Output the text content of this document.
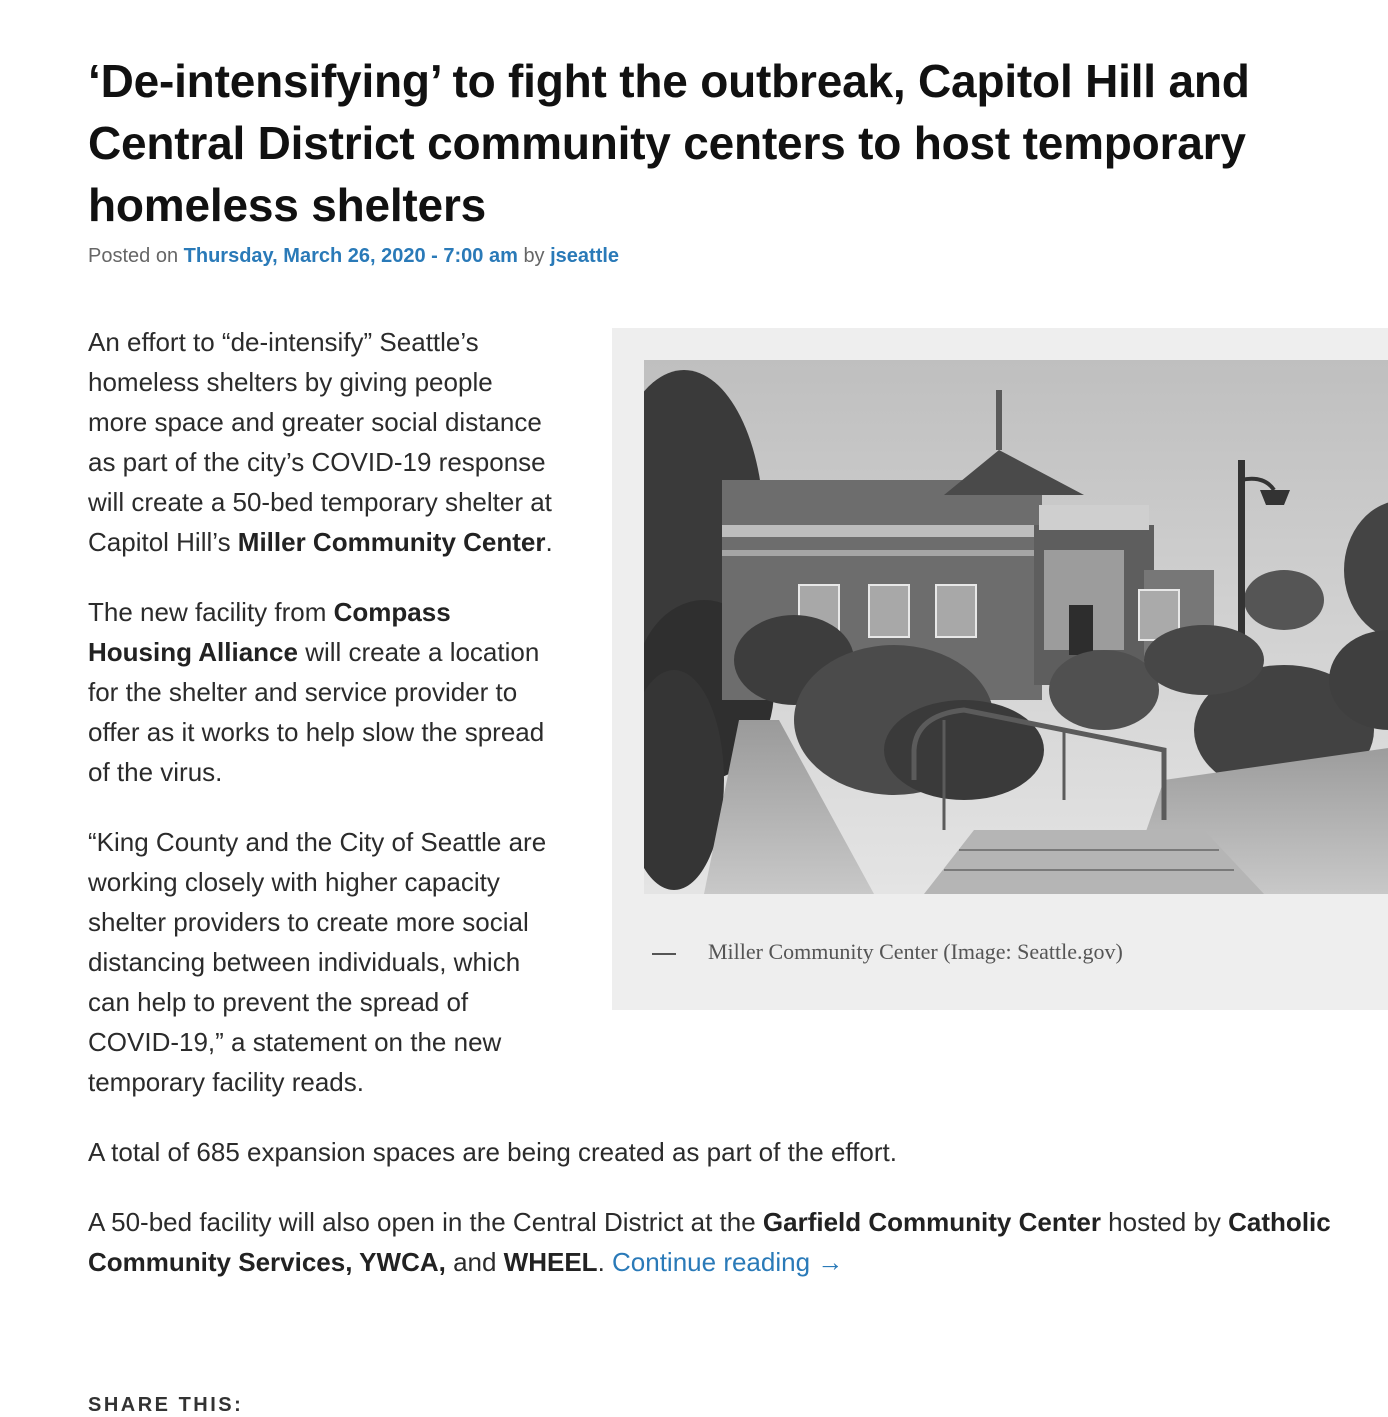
‘De-intensifying’ to fight the outbreak, Capitol Hill and Central District community centers to host temporary homeless shelters
Posted on Thursday, March 26, 2020 - 7:00 am by jseattle
Miller Community Center (Image: Seattle.gov)

An effort to “de-intensify” Seattle’s homeless shelters by giving people more space and greater social distance as part of the city’s COVID-19 response will create a 50-bed temporary shelter at Capitol Hill’s Miller Community Center.

The new facility from Compass Housing Alliance will create a location for the shelter and service provider to offer as it works to help slow the spread of the virus.

“King County and the City of Seattle are working closely with higher capacity shelter providers to create more social distancing between individuals, which can help to prevent the spread of COVID-19,” a statement on the new temporary facility reads.

A total of 685 expansion spaces are being created as part of the effort.

A 50-bed facility will also open in the Central District at the Garfield Community Center hosted by Catholic Community Services, YWCA, and WHEEL. Continue reading →

SHARE THIS:
